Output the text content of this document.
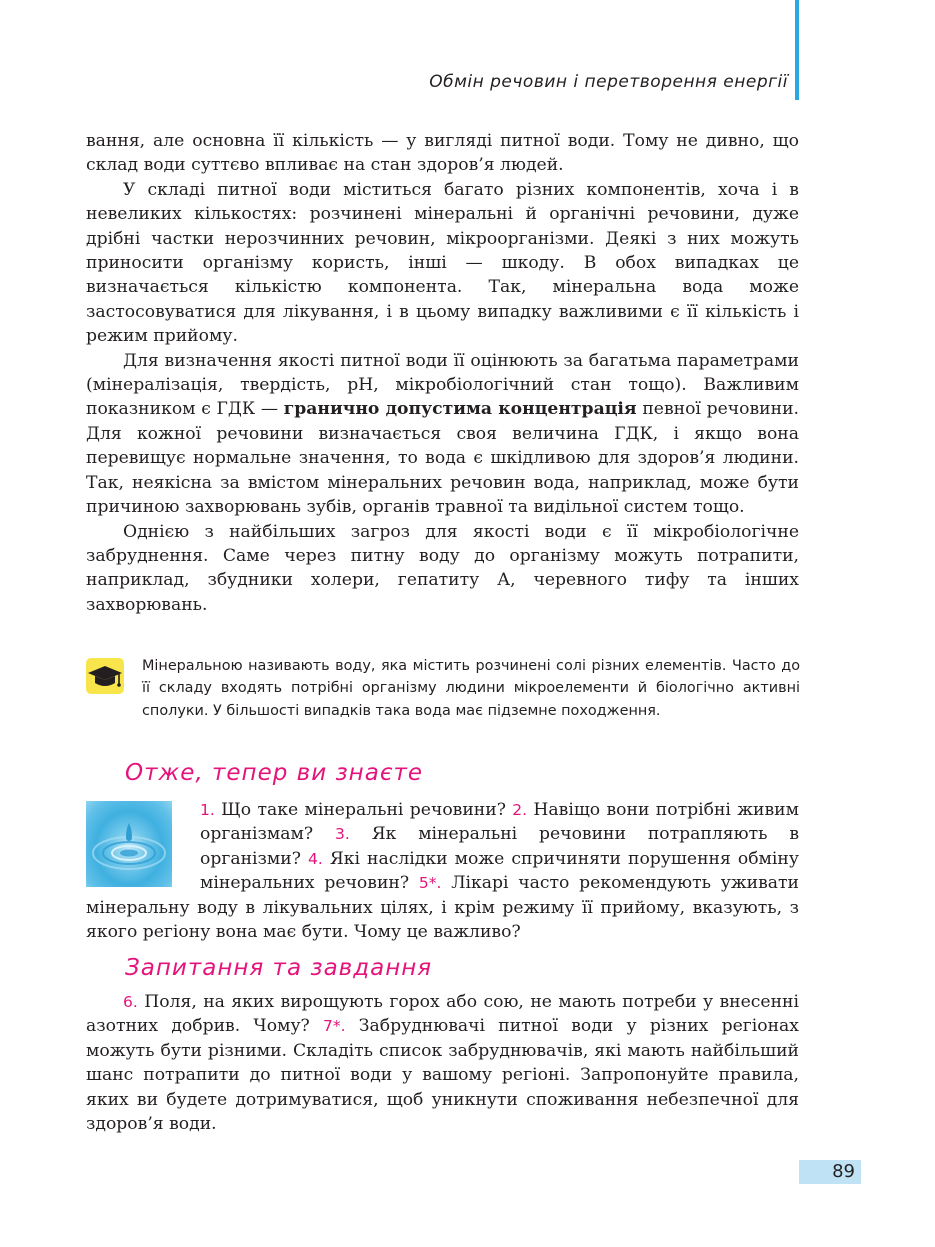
Обмін речовин і перетворення енергії

вання, але основна її кількість — у вигляді питної води. Тому не дивно, що склад води суттєво впливає на стан здоров’я людей.

У складі питної води міститься багато різних компонентів, хоча і в невеликих кількостях: розчинені мінеральні й органічні речовини, дуже дрібні частки нерозчинних речовин, мікроорганізми. Деякі з них можуть приносити організму користь, інші — шкоду. В обох випадках це визначається кількістю компонента. Так, мінеральна вода може застосовуватися для лікування, і в цьому випадку важливими є її кількість і режим прийому.

Для визначення якості питної води її оцінюють за багатьма параметрами (мінералізація, твердість, pH, мікробіологічний стан тощо). Важливим показником є ГДК — гранично допустима концентрація певної речовини. Для кожної речовини визначається своя величина ГДК, і якщо вона перевищує нормальне значення, то вода є шкідливою для здоров’я людини. Так, неякісна за вмістом мінеральних речовин вода, наприклад, може бути причиною захворювань зубів, органів травної та видільної систем тощо.

Однією з найбільших загроз для якості води є її мікробіологічне забруднення. Саме через питну воду до організму можуть потрапити, наприклад, збудники холери, гепатиту А, черевного тифу та інших захворювань.

Мінеральною називають воду, яка містить розчинені солі різних елементів. Часто до її складу входять потрібні організму людини мікроелементи й біологічно активні сполуки. У більшості випадків така вода має підземне походження.

Отже, тепер ви знаєте

1. Що таке мінеральні речовини? 2. Навіщо вони потрібні живим організмам? 3. Як мінеральні речовини потрапляють в організми? 4. Які наслідки може спричиняти порушення обміну мінеральних речовин? 5*. Лікарі часто рекомендують уживати мінеральну воду в лікувальних цілях, і крім режиму її прийому, вказують, з якого регіону вона має бути. Чому це важливо?

Запитання та завдання

6. Поля, на яких вирощують горох або сою, не мають потреби у внесенні азотних добрив. Чому? 7*. Забруднювачі питної води у різних регіонах можуть бути різними. Складіть список забруднювачів, які мають найбільший шанс потрапити до питної води у вашому регіоні. Запропонуйте правила, яких ви будете дотримуватися, щоб уникнути споживання небезпечної для здоров’я води.

89
